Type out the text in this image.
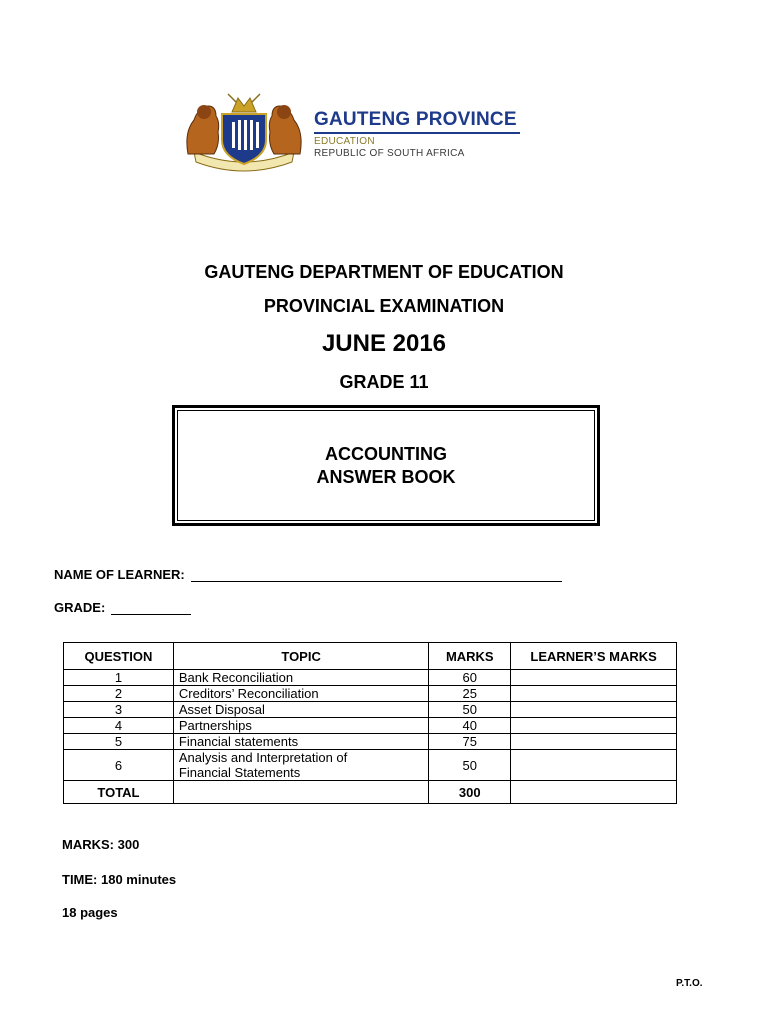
GAUTENG PROVINCE
EDUCATION
REPUBLIC OF SOUTH AFRICA
GAUTENG DEPARTMENT OF EDUCATION
PROVINCIAL EXAMINATION
JUNE 2016
GRADE 11
ACCOUNTING
ANSWER BOOK
NAME OF LEARNER:
GRADE:
QUESTION	TOPIC	MARKS	LEARNER’S MARKS
1	Bank Reconciliation	60	
2	Creditors’ Reconciliation	25	
3	Asset Disposal	50	
4	Partnerships	40	
5	Financial statements	75	
6	Analysis and Interpretation of
Financial Statements	50	
TOTAL		300	
MARKS: 300
TIME: 180 minutes
18 pages
P.T.O.
